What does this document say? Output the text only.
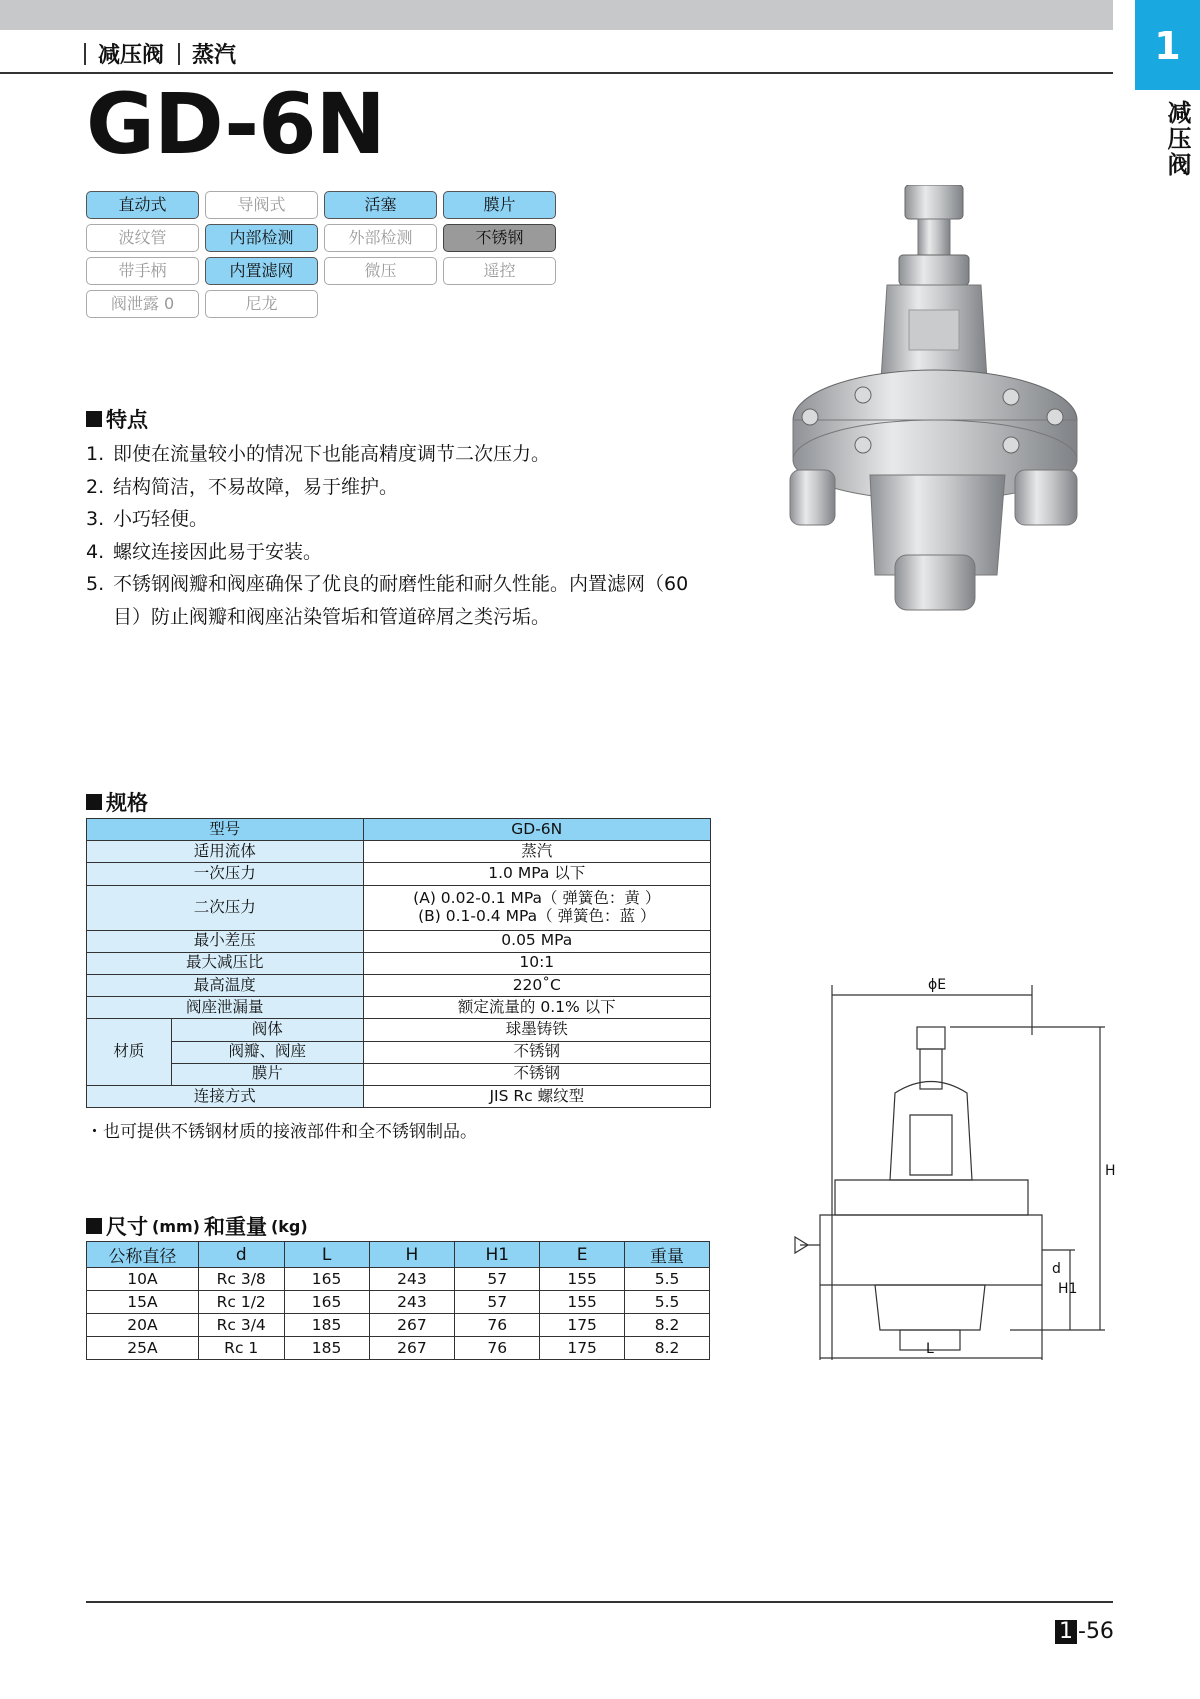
1
减压阀
减压阀 蒸汽
GD-6N
直动式	导阀式	活塞	膜片
波纹管	内部检测	外部检测	不锈钢
带手柄	内置滤网	微压	遥控
阀泄露 0	尼龙
特点
1. 即使在流量较小的情况下也能高精度调节二次压力。
2. 结构简洁，不易故障，易于维护。
3. 小巧轻便。
4. 螺纹连接因此易于安装。
5. 不锈钢阀瓣和阀座确保了优良的耐磨性能和耐久性能。内置滤网（60 目）防止阀瓣和阀座沾染管垢和管道碎屑之类污垢。
规格
型号		GD-6N
适用流体		蒸汽
一次压力		1.0 MPa 以下
二次压力		(A) 0.02-0.1 MPa（ 弹簧色：黄 ）
(B) 0.1-0.4 MPa（ 弹簧色：蓝 ）

最小差压		0.05 MPa
最大减压比		10:1
最高温度		220˚C
阀座泄漏量		额定流量的 0.1% 以下
材质	阀体	球墨铸铁
	阀瓣、阀座	不锈钢
	膜片	不锈钢
连接方式		JIS Rc 螺纹型
・也可提供不锈钢材质的接液部件和全不锈钢制品。
尺寸 (mm) 和重量 (kg)
公称直径	d	L	H	H1	E	重量
10A	Rc 3/8	165	243	57	155	5.5
15A	Rc 1/2	165	243	57	155	5.5
20A	Rc 3/4	185	267	76	175	8.2
25A	Rc 1	185	267	76	175	8.2
ϕE
H
H1
d
L
1 -56
